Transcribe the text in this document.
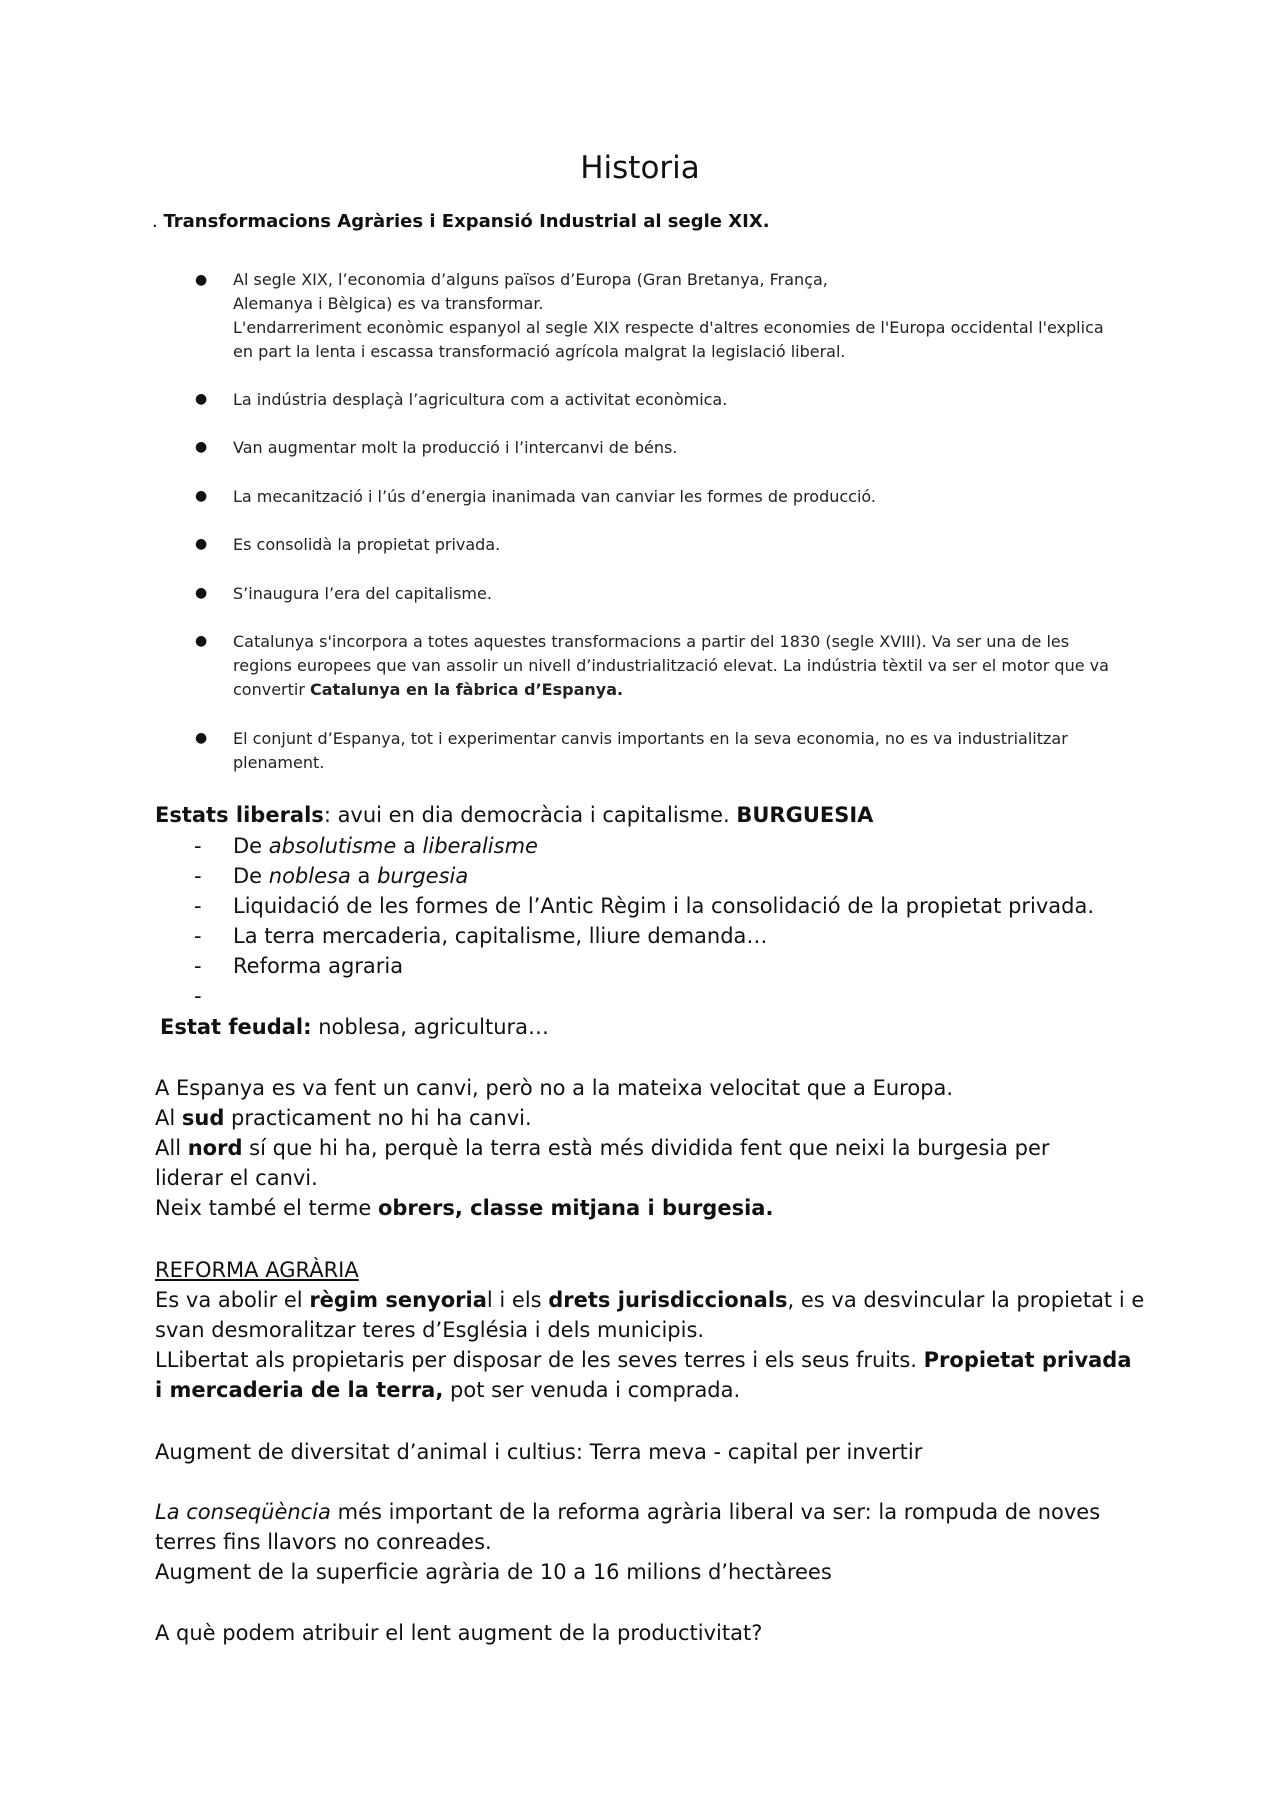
Historia
. Transformacions Agràries i Expansió Industrial al segle XIX.
● Al segle XIX, l’economia d’alguns països d’Europa (Gran Bretanya, França,
Alemanya i Bèlgica) es va transformar.
L'endarreriment econòmic espanyol al segle XIX respecte d'altres economies de l'Europa occidental l'explica
en part la lenta i escassa transformació agrícola malgrat la legislació liberal.
● La indústria desplaçà l’agricultura com a activitat econòmica.
● Van augmentar molt la producció i l’intercanvi de béns.
● La mecanització i l’ús d’energia inanimada van canviar les formes de producció.
● Es consolidà la propietat privada.
● S’inaugura l’era del capitalisme.
● Catalunya s'incorpora a totes aquestes transformacions a partir del 1830 (segle XVIII). Va ser una de les
regions europees que van assolir un nivell d’industrialització elevat. La indústria tèxtil va ser el motor que va
convertir Catalunya en la fàbrica d’Espanya.
● El conjunt d’Espanya, tot i experimentar canvis importants en la seva economia, no es va industrialitzar
plenament.
Estats liberals: avui en dia democràcia i capitalisme. BURGUESIA
- De absolutisme a liberalisme
- De noblesa a burgesia
- Liquidació de les formes de l’Antic Règim i la consolidació de la propietat privada.
- La terra mercaderia, capitalisme, lliure demanda…
- Reforma agraria
-
Estat feudal: noblesa, agricultura…
A Espanya es va fent un canvi, però no a la mateixa velocitat que a Europa.
Al sud practicament no hi ha canvi.
All nord sí que hi ha, perquè la terra està més dividida fent que neixi la burgesia per
liderar el canvi.
Neix també el terme obrers, classe mitjana i burgesia.
REFORMA AGRÀRIA
Es va abolir el règim senyorial i els drets jurisdiccionals, es va desvincular la propietat i e
svan desmoralitzar teres d’Església i dels municipis.
LLibertat als propietaris per disposar de les seves terres i els seus fruits. Propietat privada
i mercaderia de la terra, pot ser venuda i comprada.
Augment de diversitat d’animal i cultius: Terra meva - capital per invertir
La conseqüència més important de la reforma agrària liberal va ser: la rompuda de noves
terres fins llavors no conreades.
Augment de la superficie agrària de 10 a 16 milions d’hectàrees
A què podem atribuir el lent augment de la productivitat?
